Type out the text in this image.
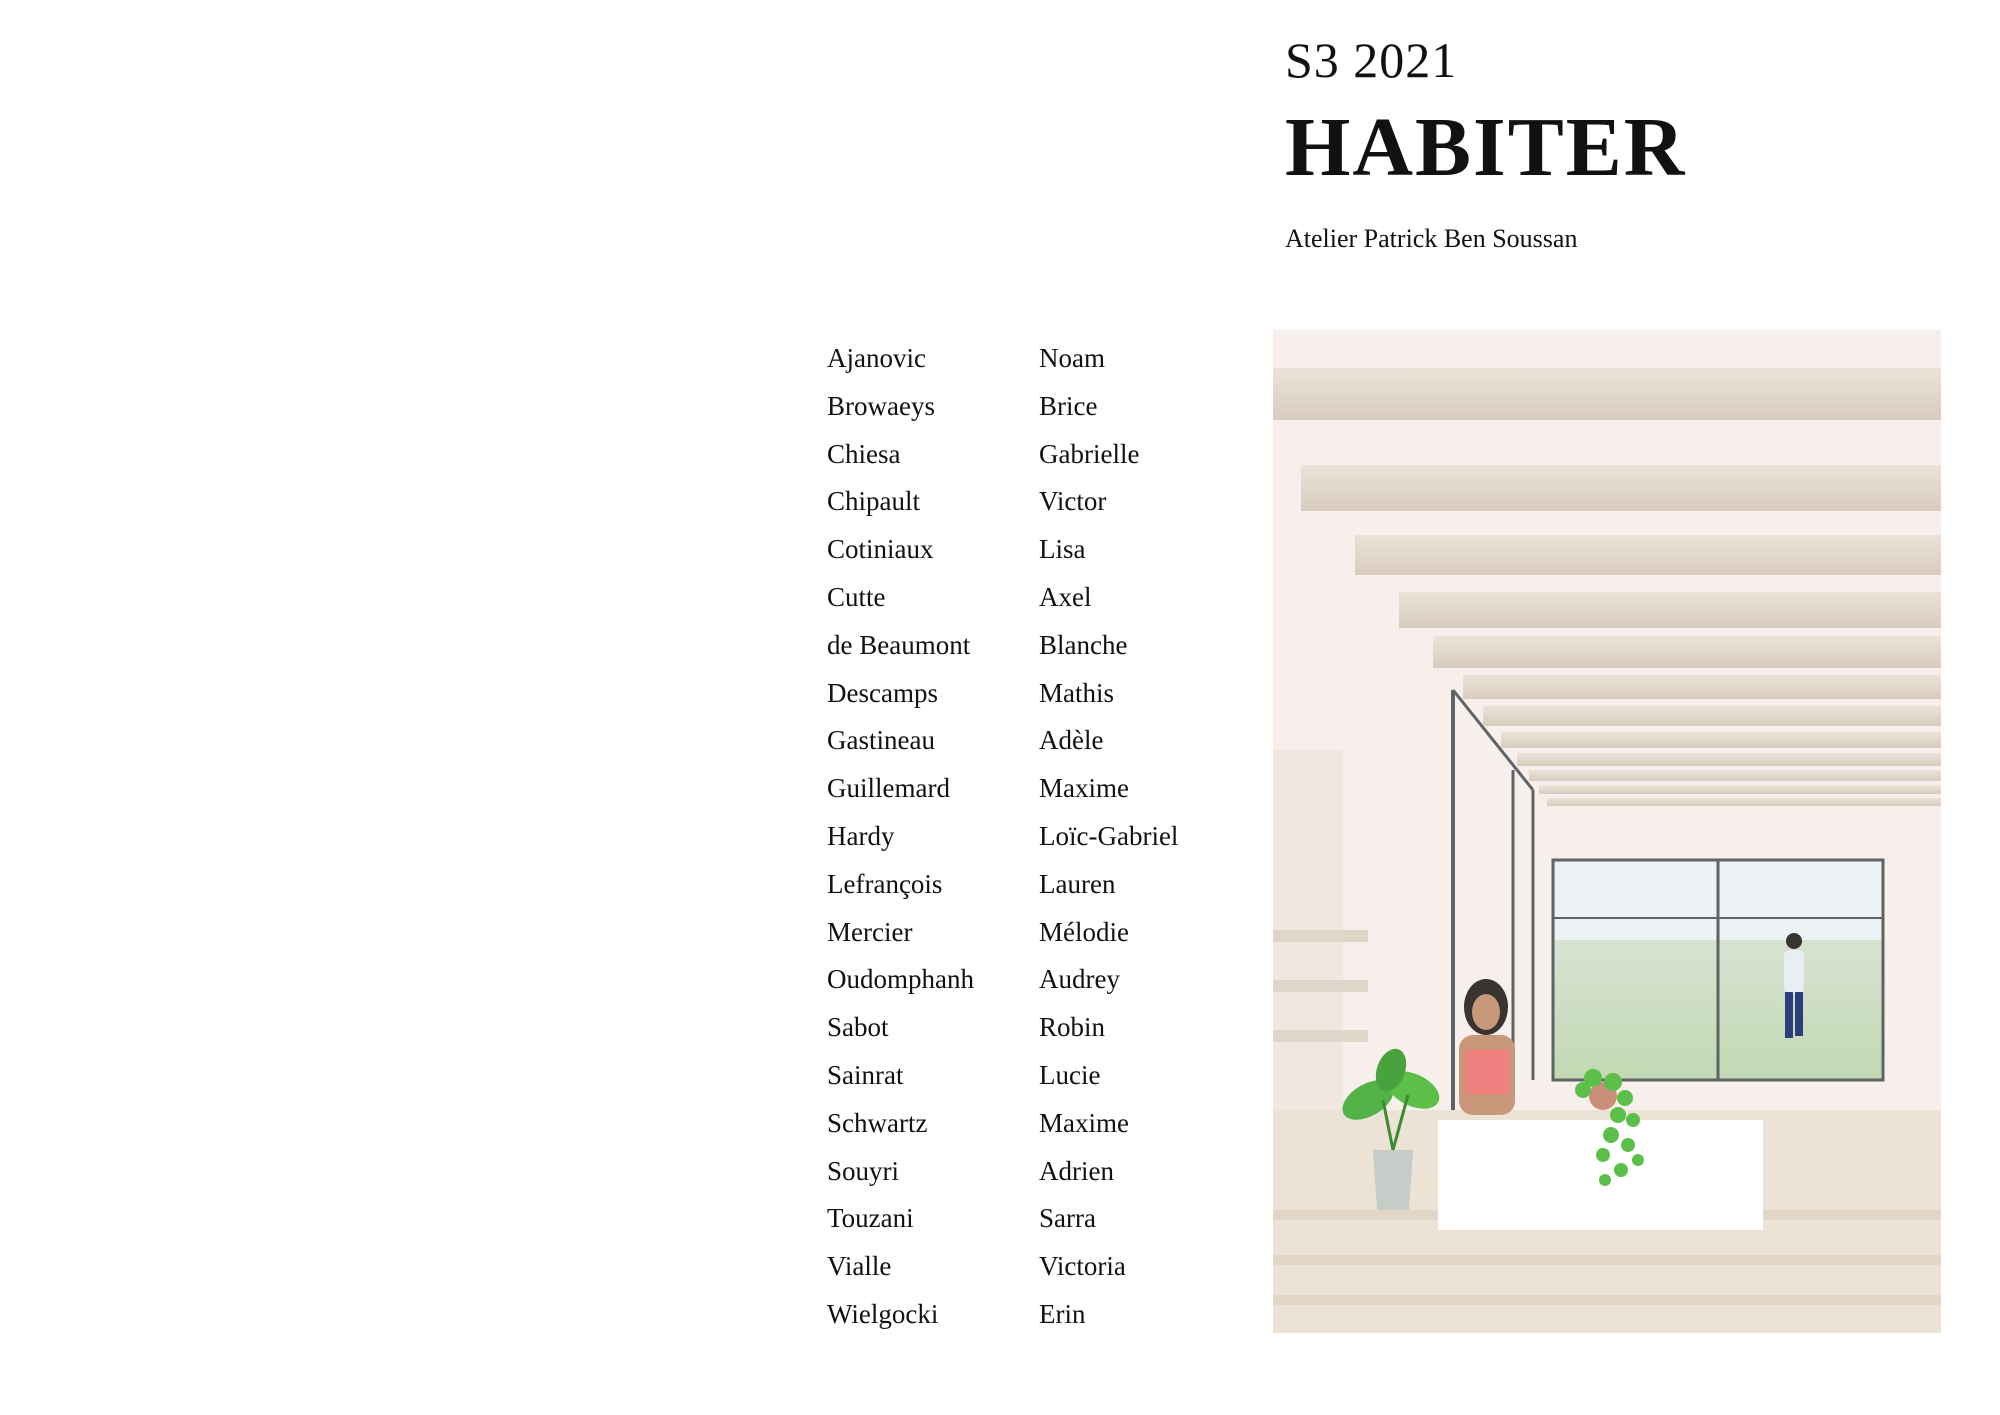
S3 2021
HABITER
Atelier Patrick Ben Soussan
Ajanovic	Noam
Browaeys	Brice
Chiesa	Gabrielle
Chipault	Victor
Cotiniaux	Lisa
Cutte	Axel
de Beaumont	Blanche
Descamps	Mathis
Gastineau	Adèle
Guillemard	Maxime
Hardy	Loïc-Gabriel
Lefrançois	Lauren
Mercier	Mélodie
Oudomphanh	Audrey
Sabot	Robin
Sainrat	Lucie
Schwartz	Maxime
Souyri	Adrien
Touzani	Sarra
Vialle	Victoria
Wielgocki	Erin
